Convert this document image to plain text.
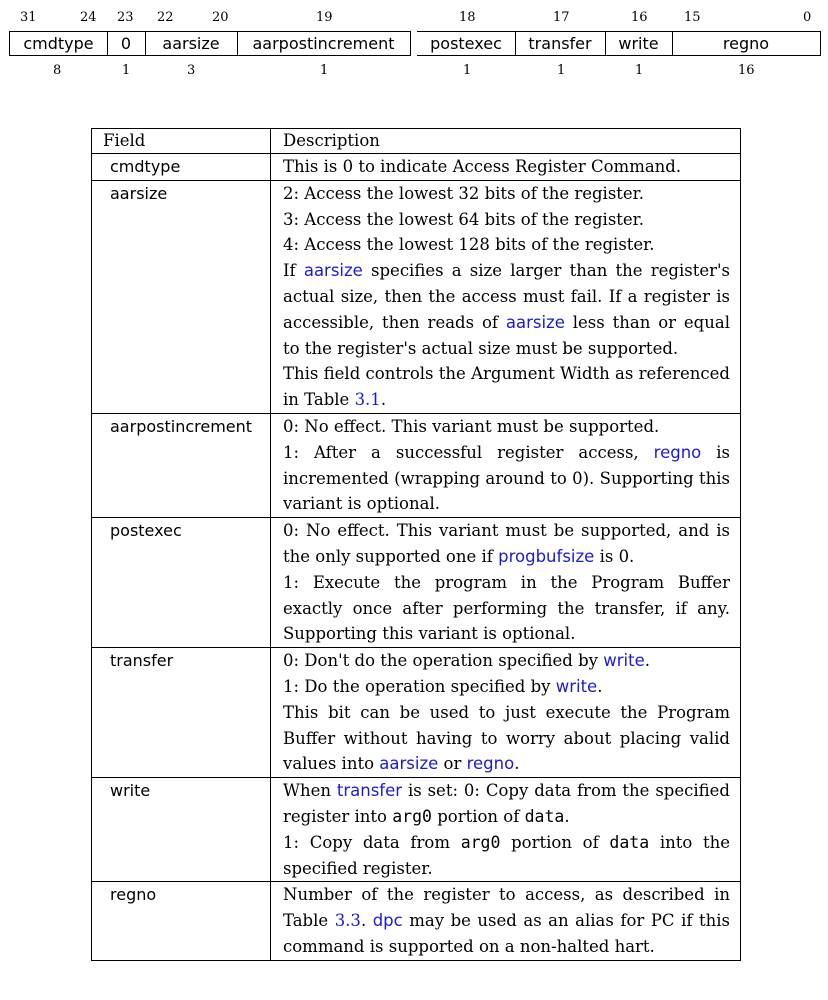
31	24 23 22	20	19	18	17	16	15	0
cmdtype	0	aarsize	aarpostincrement	postexec	transfer	write	regno
8	1	3	1	1	1	1	16
Field	Description
cmdtype	This is 0 to indicate Access Register Command.

aarsize	2: Access the lowest 32 bits of the register.
3: Access the lowest 64 bits of the register.
4: Access the lowest 128 bits of the register.
If aarsize specifies a size larger than the register's actual size, then the access must fail. If a register is accessible, then reads of aarsize less than or equal to the register's actual size must be supported.
This field controls the Argument Width as referenced in Table 3.1.

aarpostincrement	0: No effect. This variant must be supported.
1: After a successful register access, regno is incremented (wrapping around to 0). Supporting this variant is optional.

postexec	0: No effect. This variant must be supported, and is the only supported one if progbufsize is 0.
1: Execute the program in the Program Buffer exactly once after performing the transfer, if any. Supporting this variant is optional.

transfer	0: Don't do the operation specified by write.
1: Do the operation specified by write.
This bit can be used to just execute the Program Buffer without having to worry about placing valid values into aarsize or regno.

write	When transfer is set: 0: Copy data from the specified register into arg0 portion of data.
1: Copy data from arg0 portion of data into the specified register.

regno	Number of the register to access, as described in Table 3.3. dpc may be used as an alias for PC if this command is supported on a non-halted hart.
